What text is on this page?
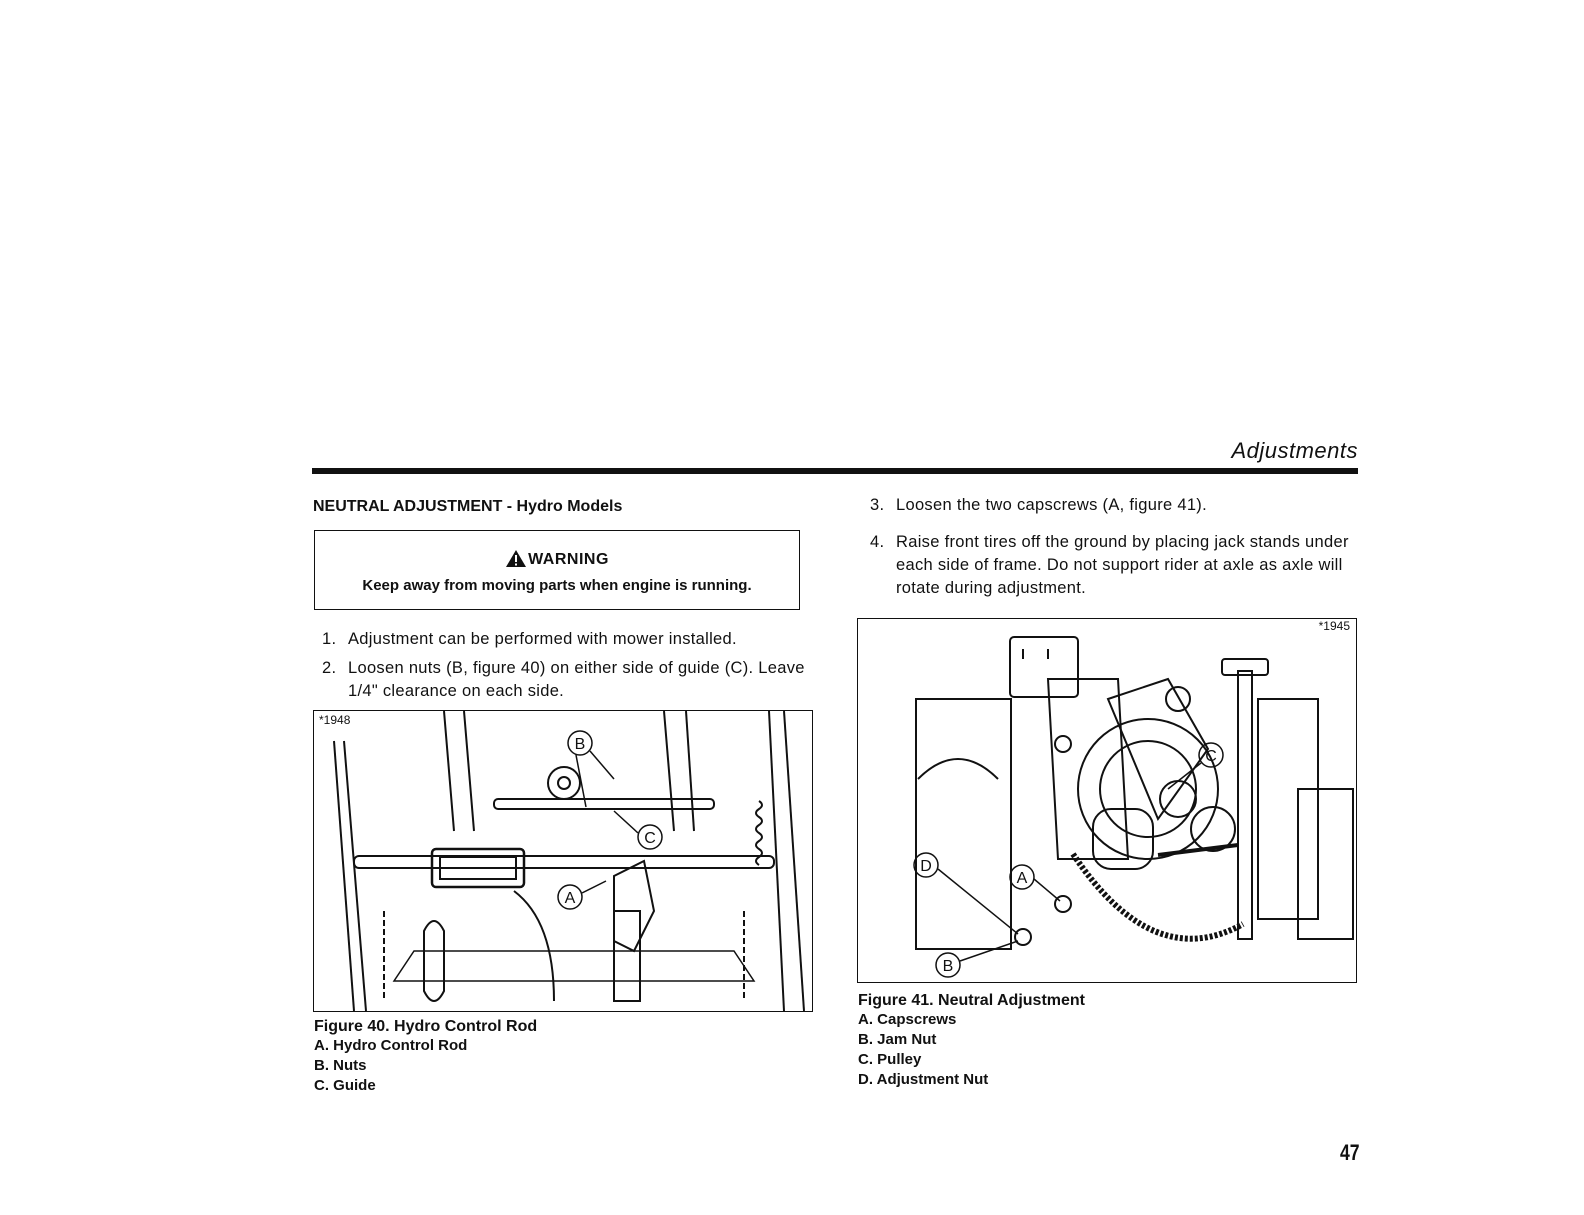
Adjustments
NEUTRAL ADJUSTMENT - Hydro Models
WARNING
Keep away from moving parts when engine is running.
1. Adjustment can be performed with mower installed.
2. Loosen nuts (B, figure 40) on either side of guide (C). Leave 1/4" clearance on each side.
3. Loosen the two capscrews (A, figure 41).
4. Raise front tires off the ground by placing jack stands under each side of frame. Do not support rider at axle as axle will rotate during adjustment.
B
C
A
*1948
Figure 40. Hydro Control Rod
A. Hydro Control Rod
B. Nuts
C. Guide
C
D
A
B
*1945
Figure 41. Neutral Adjustment
A. Capscrews
B. Jam Nut
C. Pulley
D. Adjustment Nut
47
